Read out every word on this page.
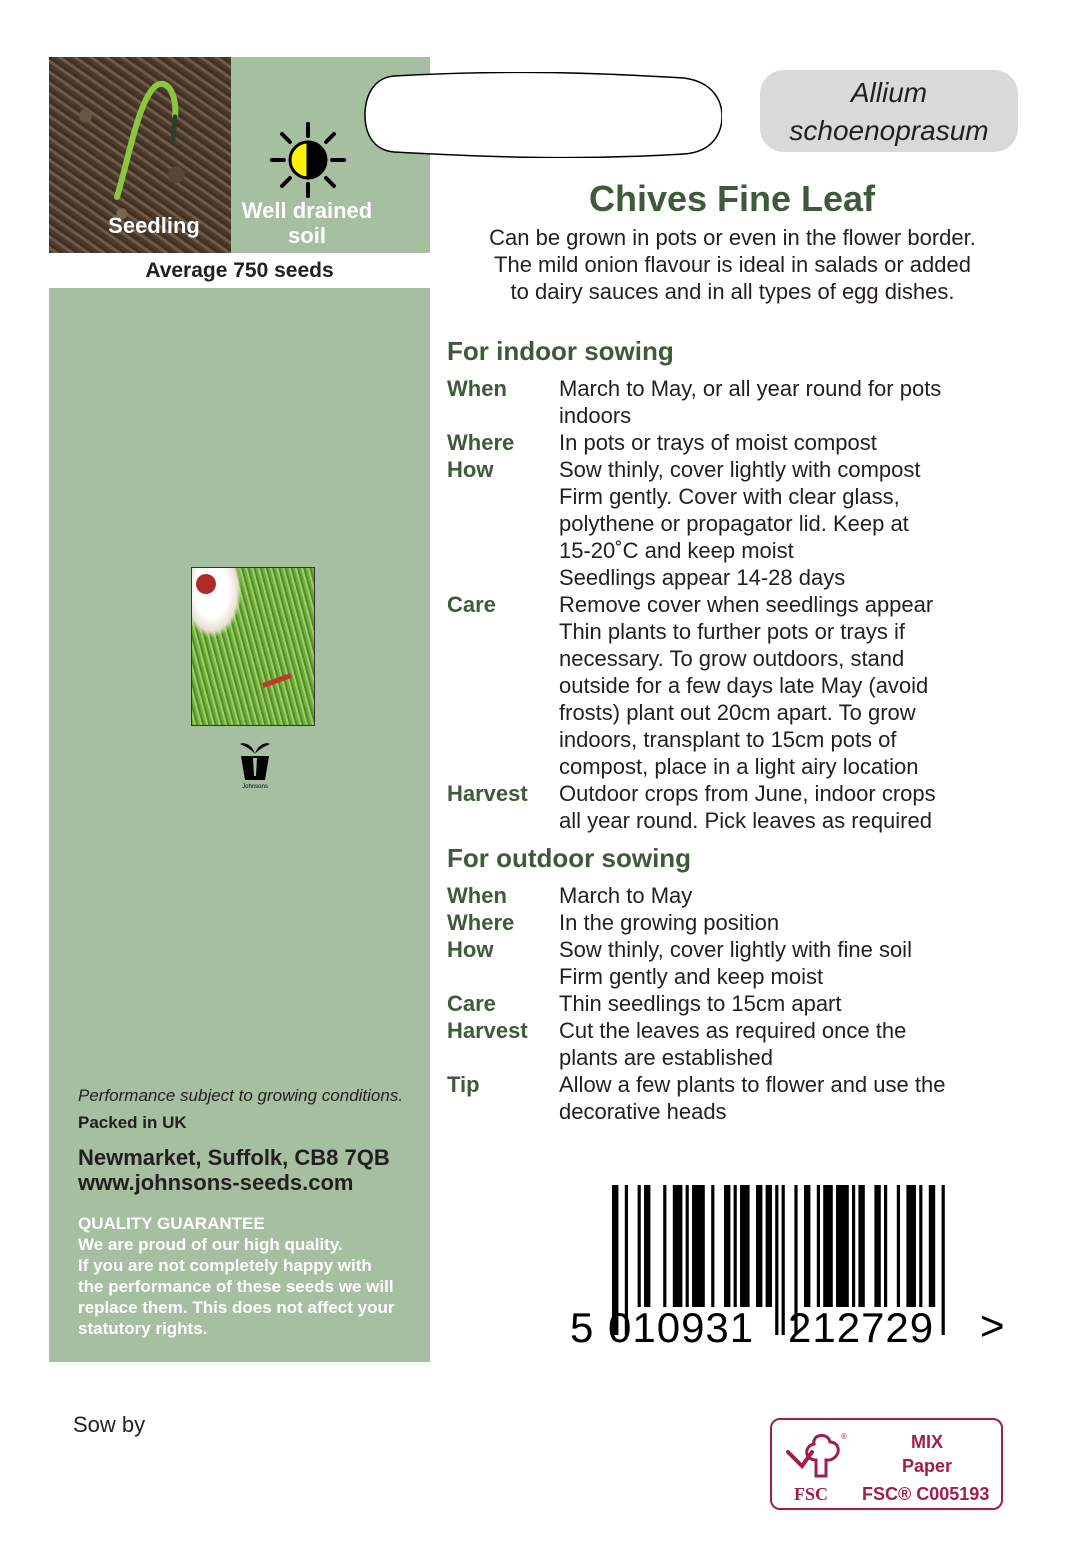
Seedling
Well drained soil
Average 750 seeds
Johnsons
Performance subject to growing conditions.
Packed in UK
Newmarket, Suffolk, CB8 7QB
www.johnsons-seeds.com
QUALITY GUARANTEE
We are proud of our high quality.
If you are not completely happy with
the performance of these seeds we will
replace them. This does not affect your
statutory rights.
Sow by
Allium
schoenoprasum
Chives Fine Leaf
Can be grown in pots or even in the flower border.
The mild onion flavour is ideal in salads or added
to dairy sauces and in all types of egg dishes.
For indoor sowing
When	March to May, or all year round for pots
indoors
Where	In pots or trays of moist compost
How	Sow thinly, cover lightly with compost
Firm gently. Cover with clear glass,
polythene or propagator lid. Keep at
15-20˚C and keep moist
Seedlings appear 14-28 days
Care	Remove cover when seedlings appear
Thin plants to further pots or trays if
necessary. To grow outdoors, stand
outside for a few days late May (avoid
frosts) plant out 20cm apart. To grow
indoors, transplant to 15cm pots of
compost, place in a light airy location
Harvest	Outdoor crops from June, indoor crops
all year round. Pick leaves as required
For outdoor sowing
When	March to May
Where	In the growing position
How	Sow thinly, cover lightly with fine soil
Firm gently and keep moist
Care	Thin seedlings to 15cm apart
Harvest	Cut the leaves as required once the
plants are established
Tip	Allow a few plants to flower and use the
decorative heads
5 010931 212729 >
®
FSC
MIX
Paper
FSC® C005193
